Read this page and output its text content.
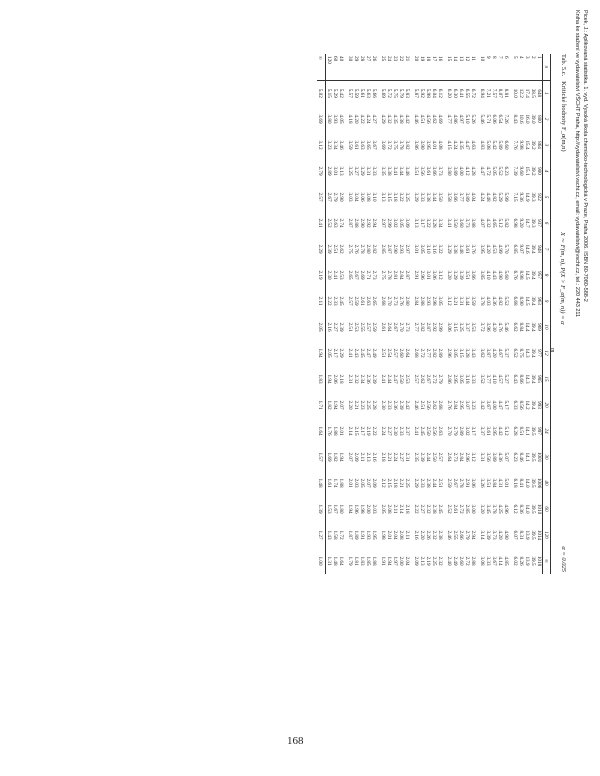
Tab. 5.c.   Kritické hodnoty F_α(m,n)
X ∼ F(m, n), P(X > F_α(m, n)) = α
α = 0.025
m
n	1	2	3	4	5	6	7	8	9	10	12	15	20	24	30	40	60	120	∞
1	648	800	864	900	922	937	948	957	963	969	977	985	993	997	1001	1006	1010	1014	1018
2	38.5	39.0	39.2	39.2	39.3	39.3	39.4	39.4	39.4	39.4	39.4	39.4	39.4	39.5	39.5	39.5	39.5	39.5	39.5
3	17.4	16.0	15.4	15.1	14.9	14.7	14.6	14.5	14.5	14.4	14.3	14.3	14.2	14.1	14.1	14.0	14.0	13.9	13.9
4	12.2	10.6	9.98	9.60	9.36	9.20	9.07	8.98	8.90	8.84	8.75	8.66	8.56	8.51	8.46	8.41	8.36	8.31	8.26
5	10.0	8.43	7.76	7.39	7.15	6.98	6.85	6.76	6.68	6.62	6.52	6.43	6.33	6.28	6.23	6.18	6.12	6.07	6.02
6	8.81	7.26	6.60	6.23	5.99	5.82	5.70	5.60	5.52	5.46	5.37	5.27	5.17	5.12	5.07	5.01	4.96	4.90	4.85
7	8.07	6.54	5.89	5.52	5.29	5.12	4.99	4.90	4.82	4.76	4.67	4.57	4.47	4.42	4.36	4.31	4.25	4.20	4.14
8	7.57	6.06	5.42	5.05	4.82	4.65	4.53	4.43	4.36	4.30	4.20	4.10	4.00	3.95	3.89	3.84	3.78	3.73	3.67
9	7.21	5.71	5.08	4.72	4.48	4.32	4.20	4.10	4.03	3.96	3.87	3.77	3.67	3.61	3.56	3.51	3.45	3.39	3.33
10	6.94	5.46	4.83	4.47	4.24	4.07	3.95	3.85	3.78	3.72	3.62	3.52	3.42	3.37	3.31	3.26	3.20	3.14	3.08
11	6.72	5.26	4.63	4.28	4.04	3.88	3.76	3.66	3.59	3.53	3.43	3.33	3.23	3.17	3.12	3.06	3.00	2.94	2.88
12	6.55	5.10	4.47	4.12	3.89	3.73	3.61	3.51	3.44	3.37	3.28	3.18	3.07	3.02	2.96	2.91	2.85	2.79	2.72
13	6.41	4.97	4.35	4.00	3.77	3.60	3.48	3.39	3.31	3.25	3.15	3.05	2.95	2.89	2.84	2.78	2.72	2.66	2.60
14	6.30	4.86	4.24	3.89	3.66	3.50	3.38	3.29	3.21	3.15	3.05	2.95	2.84	2.79	2.73	2.67	2.61	2.55	2.49
15	6.20	4.77	4.15	3.80	3.58	3.41	3.29	3.20	3.12	3.06	2.96	2.86	2.76	2.70	2.64	2.59	2.52	2.46	2.40
16	6.12	4.69	4.08	3.73	3.50	3.34	3.22	3.12	3.05	2.99	2.89	2.79	2.68	2.63	2.57	2.51	2.45	2.38	2.32
17	6.04	4.62	4.01	3.66	3.44	3.28	3.16	3.06	2.98	2.92	2.82	2.72	2.62	2.56	2.50	2.44	2.38	2.32	2.25
18	5.98	4.56	3.95	3.61	3.38	3.22	3.10	3.01	2.93	2.87	2.77	2.67	2.56	2.50	2.44	2.38	2.32	2.26	2.19
19	5.92	4.51	3.90	3.56	3.33	3.17	3.05	2.96	2.88	2.82	2.72	2.62	2.51	2.45	2.39	2.33	2.27	2.20	2.13
20	5.87	4.46	3.86	3.51	3.29	3.13	3.01	2.91	2.84	2.77	2.68	2.57	2.46	2.41	2.35	2.29	2.22	2.16	2.09
21	5.83	4.42	3.82	3.48	3.25	3.09	2.97	2.87	2.80	2.73	2.64	2.53	2.42	2.37	2.31	2.25	2.18	2.11	2.04
22	5.79	4.38	3.78	3.44	3.22	3.05	2.93	2.84	2.76	2.70	2.60	2.50	2.39	2.33	2.27	2.21	2.14	2.08	2.00
23	5.75	4.35	3.75	3.41	3.18	3.02	2.90	2.81	2.73	2.67	2.57	2.47	2.36	2.30	2.24	2.18	2.11	2.04	1.97
24	5.72	4.32	3.72	3.38	3.15	2.99	2.87	2.78	2.70	2.64	2.54	2.44	2.33	2.27	2.21	2.15	2.08	2.01	1.94
25	5.69	4.29	3.69	3.35	3.13	2.97	2.85	2.75	2.68	2.61	2.51	2.41	2.30	2.24	2.18	2.12	2.05	1.98	1.91
26	5.66	4.27	3.67	3.33	3.10	2.94	2.82	2.73	2.65	2.59	2.49	2.39	2.28	2.22	2.16	2.09	2.03	1.95	1.88
27	5.63	4.24	3.65	3.31	3.08	2.92	2.80	2.71	2.63	2.57	2.47	2.36	2.25	2.19	2.13	2.07	2.00	1.93	1.85
28	5.61	4.22	3.63	3.29	3.06	2.90	2.78	2.69	2.61	2.55	2.45	2.34	2.23	2.17	2.11	2.05	1.98	1.91	1.83
29	5.59	4.20	3.61	3.27	3.04	2.88	2.76	2.67	2.59	2.53	2.43	2.32	2.21	2.15	2.09	2.03	1.96	1.89	1.81
30	5.57	4.18	3.59	3.25	3.03	2.87	2.75	2.65	2.57	2.51	2.41	2.31	2.20	2.14	2.07	2.01	1.94	1.87	1.79
40	5.42	4.05	3.46	3.13	2.90	2.74	2.62	2.53	2.45	2.39	2.29	2.18	2.07	2.01	1.94	1.88	1.80	1.72	1.64
60	5.29	3.93	3.34	3.01	2.79	2.63	2.51	2.41	2.33	2.27	2.17	2.06	1.94	1.88	1.82	1.74	1.67	1.58	1.48
120	5.15	3.80	3.23	2.89	2.67	2.52	2.39	2.30	2.22	2.16	2.05	1.94	1.82	1.76	1.69	1.61	1.53	1.43	1.31
∞	5.02	3.69	3.12	2.79	2.57	2.41	2.29	2.19	2.11	2.05	1.94	1.83	1.71	1.64	1.57	1.48	1.39	1.27	1.00
168
Picek, J.: Aplikovaná statistika. 1. vyd. Vysoká škola chemicko-technologická v Praze, Praha 2006. ISBN 80-7080-588-2
Kniha ke stažení ve vydavatelství VŠCHT Praha, http://vydavatelstvi.vscht.cz, email: vydavatelstvi@vscht.cz, tel.: 220 443 211
